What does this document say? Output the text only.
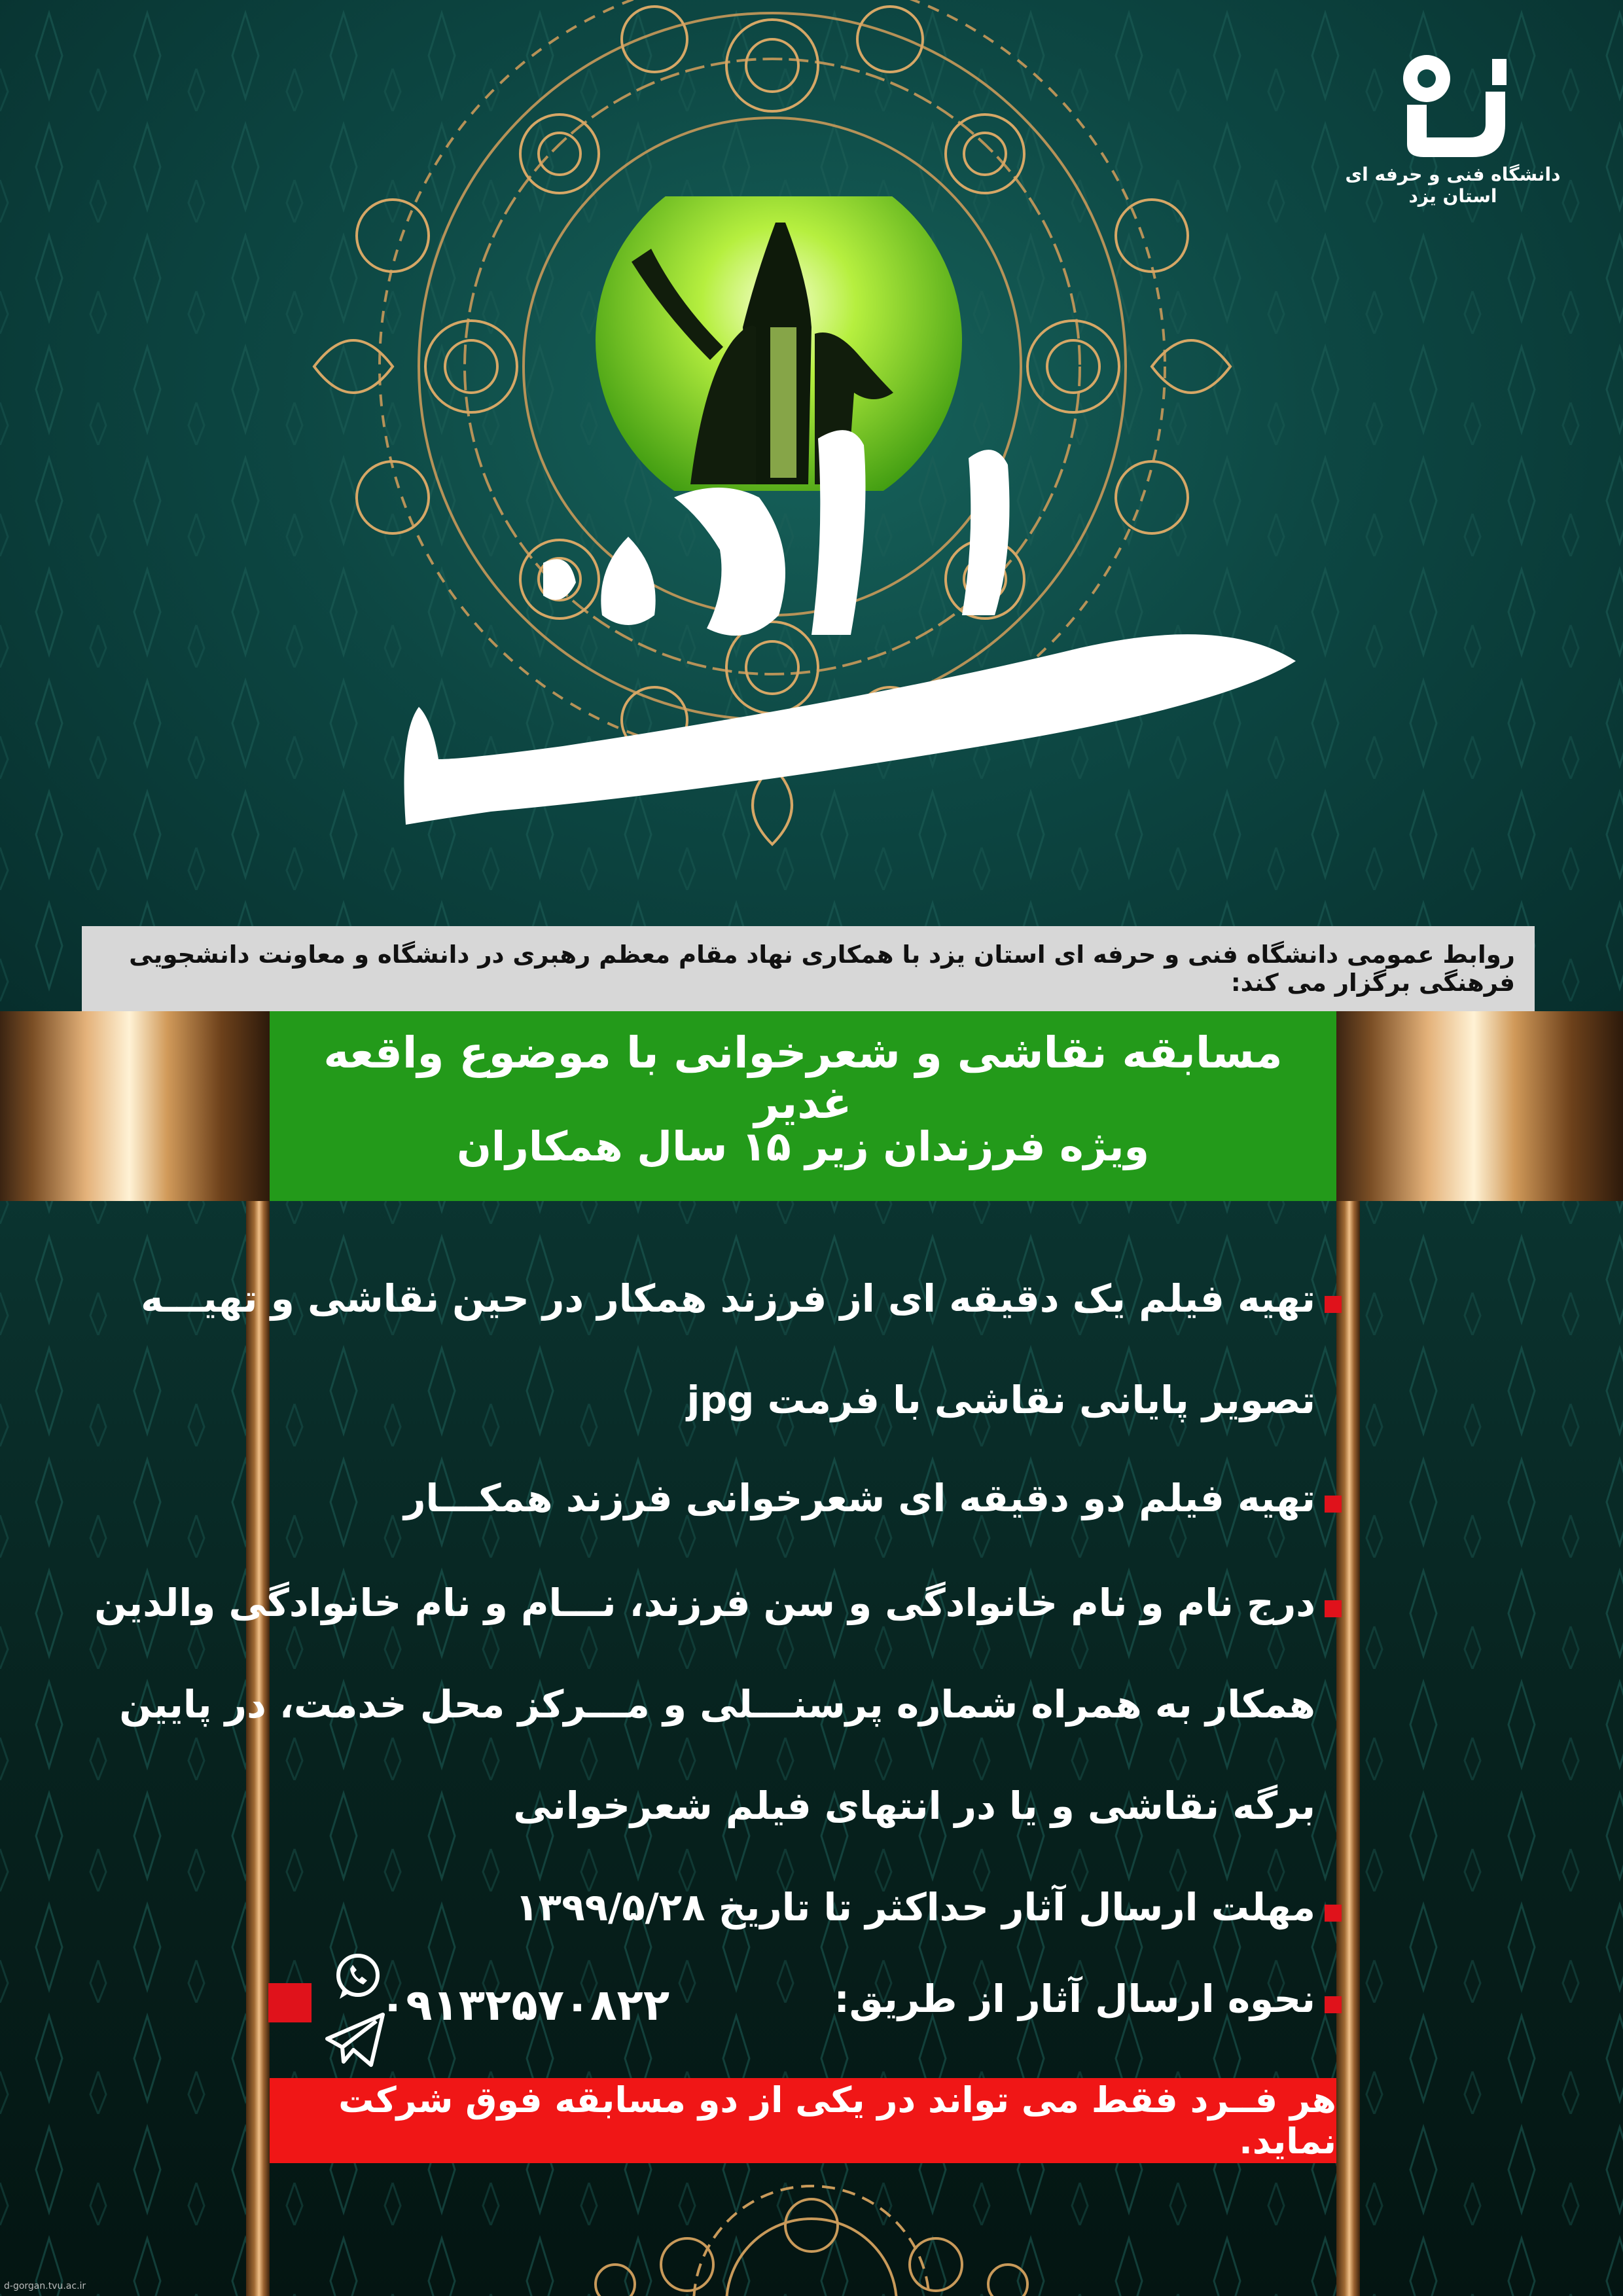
دانشگاه فنی و حرفه ای استان یزد
روابط عمومی دانشگاه فنی و حرفه ای استان یزد با همکاری نهاد مقام معظم رهبری در دانشگاه و معاونت دانشجویی فرهنگی برگزار می کند:
مسابقه نقاشی و شعرخوانی با موضوع واقعه غدیر
ویژه فرزندان زیر ۱۵ سال همکاران
تهیه فیلم یک دقیقه ای از فرزند همکار در حین نقاشی و تهیـــه
تصویر پایانی نقاشی با فرمت jpg
تهیه فیلم دو دقیقه ای شعرخوانی فرزند همکـــار
درج نام و نام خانوادگی و سن فرزند، نـــام و نام خانوادگی والدین
همکار به همراه شماره پرسنـــلی و مـــرکز محل خدمت، در پایین
برگه نقاشی و یا در انتهای فیلم شعرخوانی
مهلت ارسال آثار حداکثر تا تاریخ ۱۳۹۹/۵/۲۸
نحوه ارسال آثار از طریق:
۰۹۱۳۲۵۷۰۸۲۲
هر فــرد فقط می تواند در یکی از دو مسابقه فوق شرکت نماید.
d-gorgan.tvu.ac.ir
